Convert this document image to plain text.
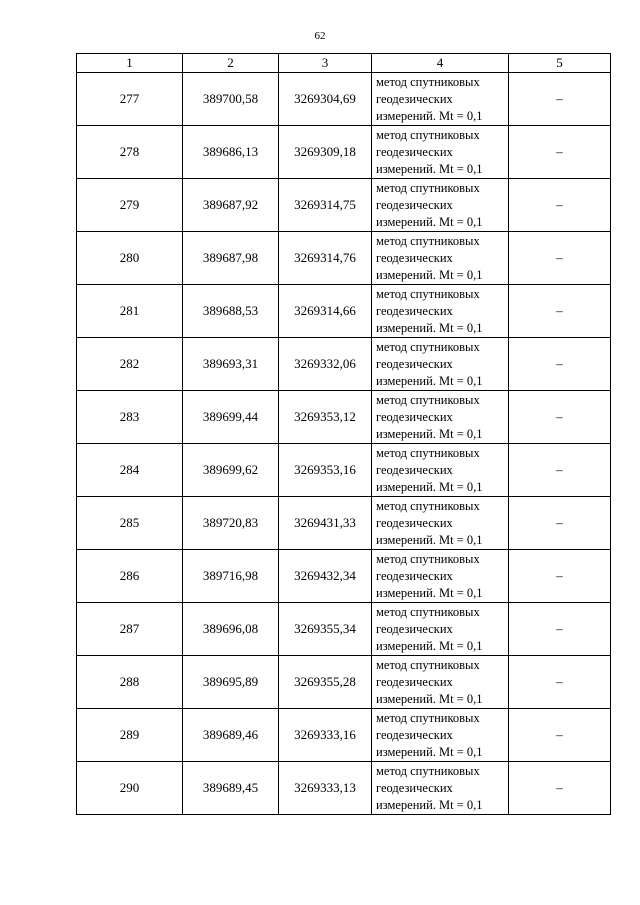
62
1	2	3	4	5
277	389700,58	3269304,69	метод спутниковых
геодезических
измерений. Mt = 0,1	–
278	389686,13	3269309,18	метод спутниковых
геодезических
измерений. Mt = 0,1	–
279	389687,92	3269314,75	метод спутниковых
геодезических
измерений. Mt = 0,1	–
280	389687,98	3269314,76	метод спутниковых
геодезических
измерений. Mt = 0,1	–
281	389688,53	3269314,66	метод спутниковых
геодезических
измерений. Mt = 0,1	–
282	389693,31	3269332,06	метод спутниковых
геодезических
измерений. Mt = 0,1	–
283	389699,44	3269353,12	метод спутниковых
геодезических
измерений. Mt = 0,1	–
284	389699,62	3269353,16	метод спутниковых
геодезических
измерений. Mt = 0,1	–
285	389720,83	3269431,33	метод спутниковых
геодезических
измерений. Mt = 0,1	–
286	389716,98	3269432,34	метод спутниковых
геодезических
измерений. Mt = 0,1	–
287	389696,08	3269355,34	метод спутниковых
геодезических
измерений. Mt = 0,1	–
288	389695,89	3269355,28	метод спутниковых
геодезических
измерений. Mt = 0,1	–
289	389689,46	3269333,16	метод спутниковых
геодезических
измерений. Mt = 0,1	–
290	389689,45	3269333,13	метод спутниковых
геодезических
измерений. Mt = 0,1	–
